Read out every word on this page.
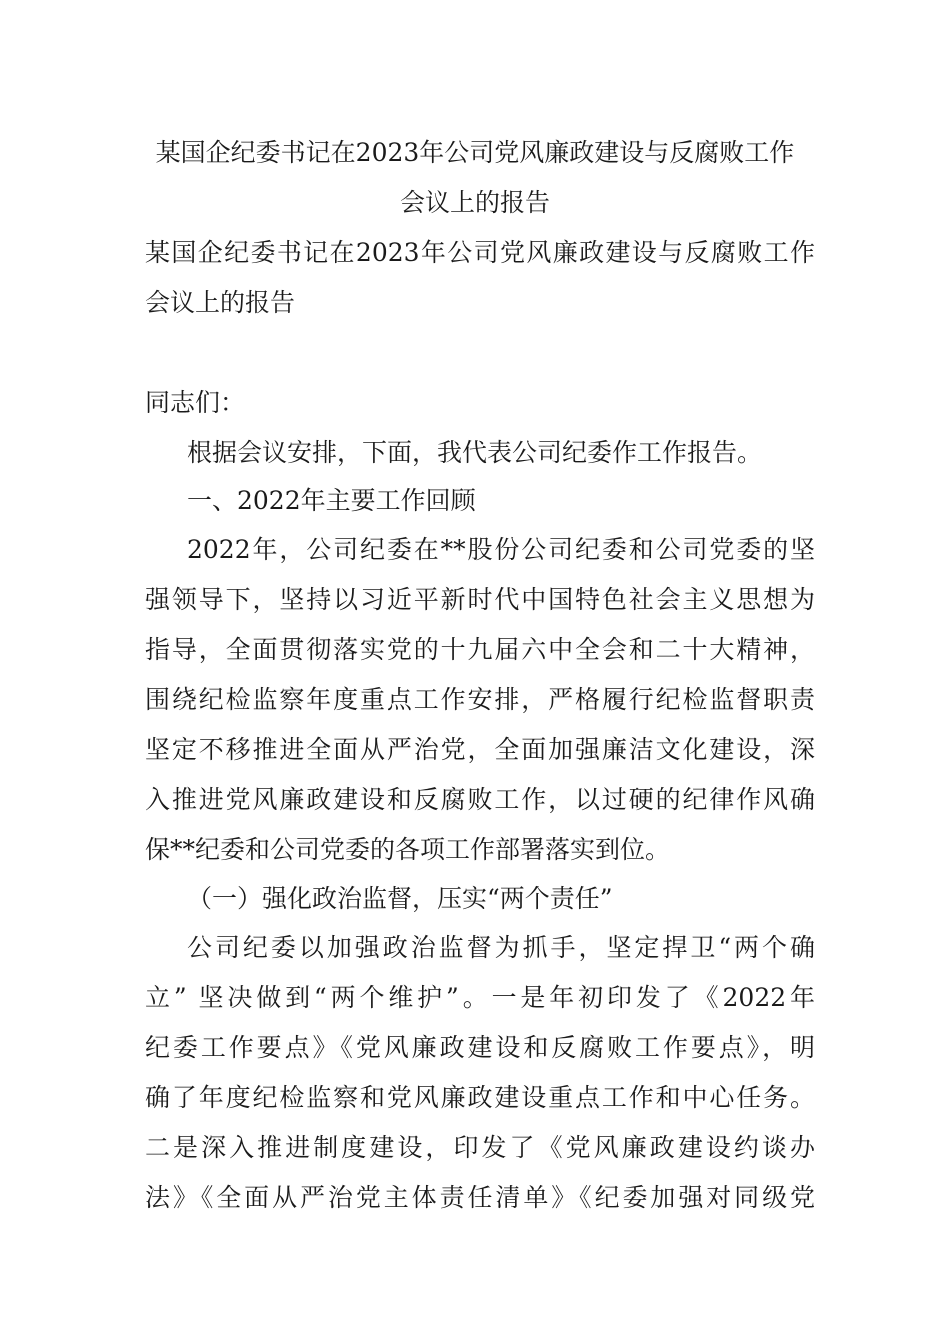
某国企纪委书记在2023年公司党风廉政建设与反腐败工作
会议上的报告
某国企纪委书记在2023年公司党风廉政建设与反腐败工作
会议上的报告
同志们：
根据会议安排，下面，我代表公司纪委作工作报告。
一、2022年主要工作回顾
2022年，公司纪委在**股份公司纪委和公司党委的坚
强领导下，坚持以习近平新时代中国特色社会主义思想为
指导，全面贯彻落实党的十九届六中全会和二十大精神，
围绕纪检监察年度重点工作安排，严格履行纪检监督职责
坚定不移推进全面从严治党，全面加强廉洁文化建设，深
入推进党风廉政建设和反腐败工作，以过硬的纪律作风确
保**纪委和公司党委的各项工作部署落实到位。
（一）强化政治监督，压实“两个责任”
公司纪委以加强政治监督为抓手，坚定捍卫“两个确
立” 坚决做到“两个维护”。一是年初印发了《2022年
纪委工作要点》《党风廉政建设和反腐败工作要点》，明
确了年度纪检监察和党风廉政建设重点工作和中心任务。
二是深入推进制度建设，印发了《党风廉政建设约谈办
法》《全面从严治党主体责任清单》《纪委加强对同级党
